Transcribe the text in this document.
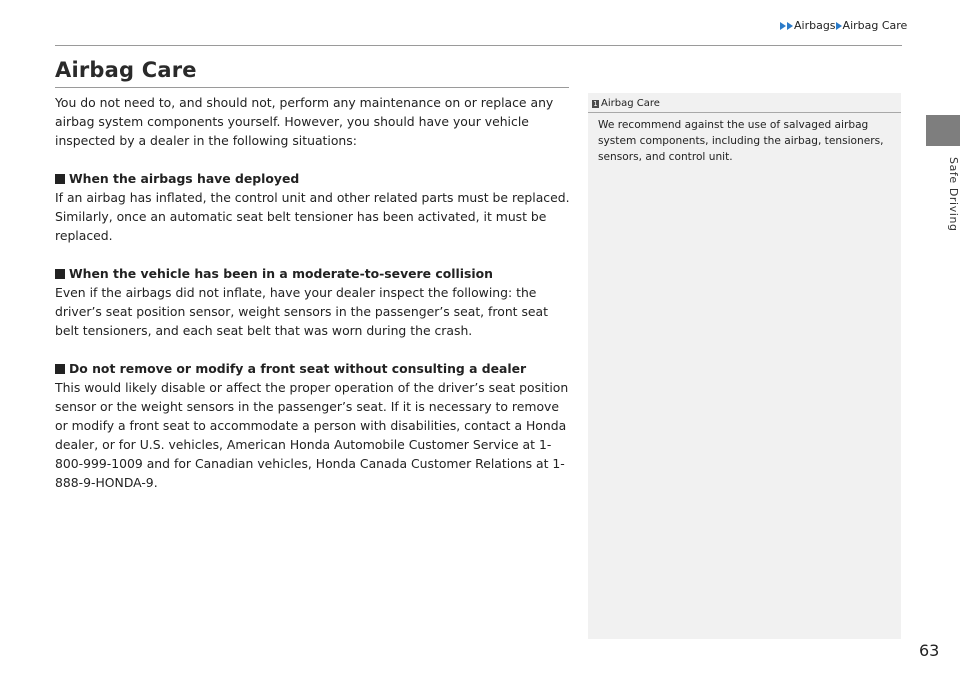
Airbags Airbag Care
Safe Driving
Airbag Care

You do not need to, and should not, perform any maintenance on or replace any airbag system components yourself. However, you should have your vehicle inspected by a dealer in the following situations:

When the airbags have deployed

If an airbag has inflated, the control unit and other related parts must be replaced. Similarly, once an automatic seat belt tensioner has been activated, it must be replaced.

When the vehicle has been in a moderate-to-severe collision

Even if the airbags did not inflate, have your dealer inspect the following: the driver’s seat position sensor, weight sensors in the passenger’s seat, front seat belt tensioners, and each seat belt that was worn during the crash.

Do not remove or modify a front seat without consulting a dealer

This would likely disable or affect the proper operation of the driver’s seat position sensor or the weight sensors in the passenger’s seat. If it is necessary to remove or modify a front seat to accommodate a person with disabilities, contact a Honda dealer, or for U.S. vehicles, American Honda Automobile Customer Service at 1-800-999-1009 and for Canadian vehicles, Honda Canada Customer Relations at 1-888-9-HONDA-9.

1 Airbag Care

We recommend against the use of salvaged airbag system components, including the airbag, tensioners, sensors, and control unit.

63
